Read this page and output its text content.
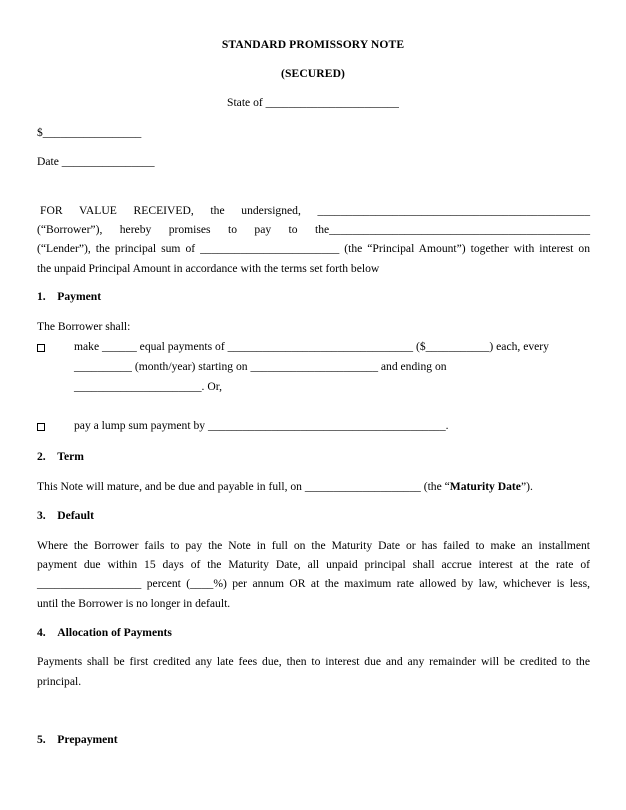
STANDARD PROMISSORY NOTE
(SECURED)
State of _______________________
$_________________
Date ________________
FOR VALUE RECEIVED, the undersigned, _______________________________________________
(“Borrower”), hereby promises to pay to the_____________________________________________
(“Lender”), the principal sum of ________________________ (the “Principal Amount”) together with interest on
the unpaid Principal Amount in accordance with the terms set forth below
1. Payment
The Borrower shall:
make ______ equal payments of ________________________________ ($___________) each, every
__________ (month/year) starting on ______________________ and ending on
______________________. Or,
pay a lump sum payment by _________________________________________.
2. Term
This Note will mature, and be due and payable in full, on ____________________ (the “Maturity Date”).
3. Default
Where the Borrower fails to pay the Note in full on the Maturity Date or has failed to make an installment
payment due within 15 days of the Maturity Date, all unpaid principal shall accrue interest at the rate of
__________________ percent (____%) per annum OR at the maximum rate allowed by law, whichever is less,
until the Borrower is no longer in default.
4. Allocation of Payments
Payments shall be first credited any late fees due, then to interest due and any remainder will be credited to the
principal.
5. Prepayment
